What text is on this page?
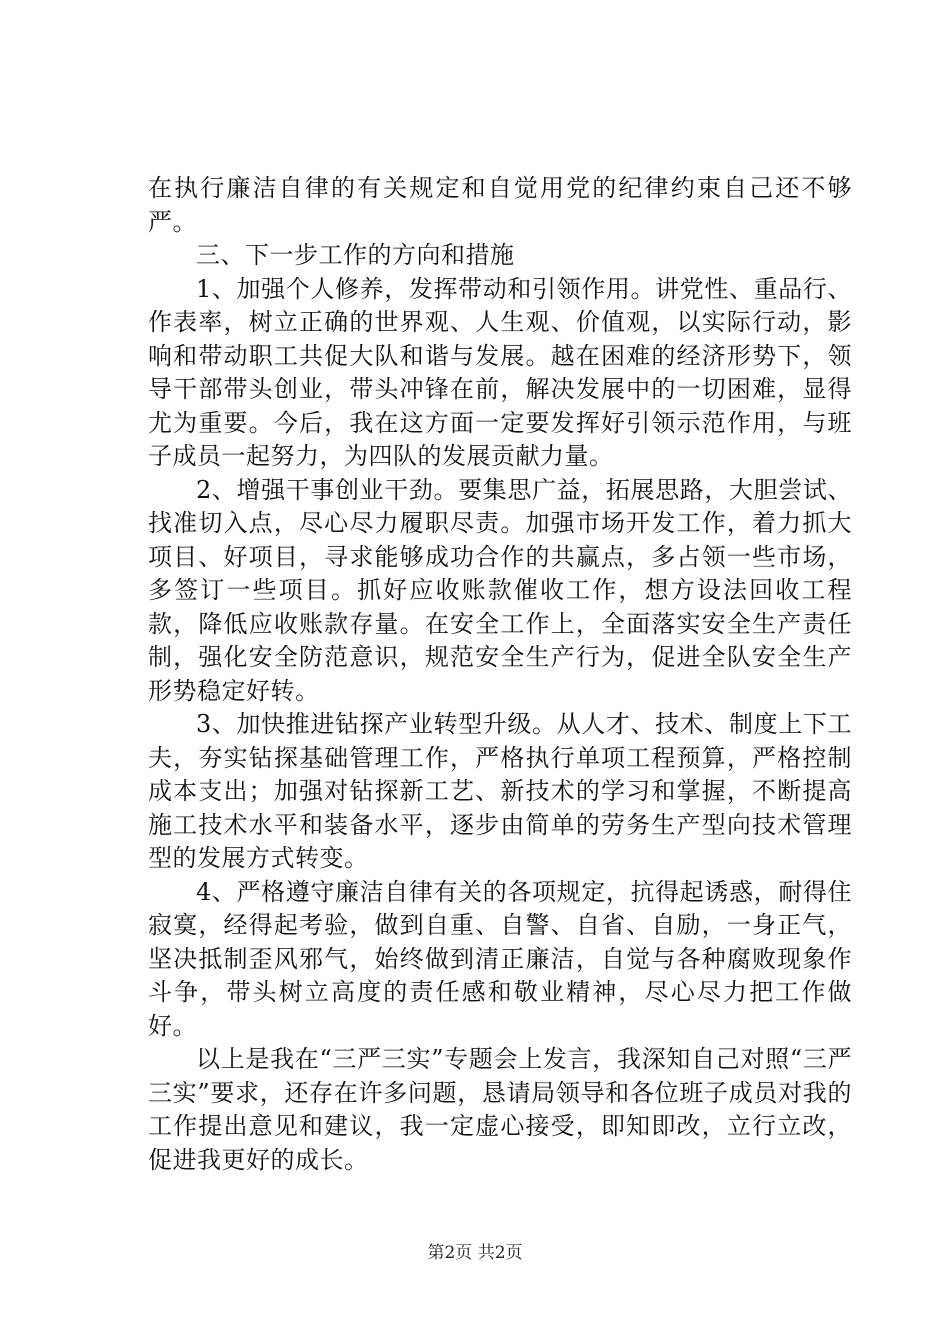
在执行廉洁自律的有关规定和自觉用党的纪律约束自己还不够严。

三、下一步工作的方向和措施

1、加强个人修养，发挥带动和引领作用。讲党性、重品行、作表率，树立正确的世界观、人生观、价值观，以实际行动，影响和带动职工共促大队和谐与发展。越在困难的经济形势下，领导干部带头创业，带头冲锋在前，解决发展中的一切困难，显得尤为重要。今后，我在这方面一定要发挥好引领示范作用，与班子成员一起努力，为四队的发展贡献力量。

2、增强干事创业干劲。要集思广益，拓展思路，大胆尝试、找准切入点，尽心尽力履职尽责。加强市场开发工作，着力抓大项目、好项目，寻求能够成功合作的共赢点，多占领一些市场，多签订一些项目。抓好应收账款催收工作，想方设法回收工程款，降低应收账款存量。在安全工作上，全面落实安全生产责任制，强化安全防范意识，规范安全生产行为，促进全队安全生产形势稳定好转。

3、加快推进钻探产业转型升级。从人才、技术、制度上下工夫，夯实钻探基础管理工作，严格执行单项工程预算，严格控制成本支出；加强对钻探新工艺、新技术的学习和掌握，不断提高施工技术水平和装备水平，逐步由简单的劳务生产型向技术管理型的发展方式转变。

4、严格遵守廉洁自律有关的各项规定，抗得起诱惑，耐得住寂寞，经得起考验，做到自重、自警、自省、自励，一身正气，坚决抵制歪风邪气，始终做到清正廉洁，自觉与各种腐败现象作斗争，带头树立高度的责任感和敬业精神，尽心尽力把工作做好。

以上是我在“三严三实”专题会上发言，我深知自己对照“三严三实”要求，还存在许多问题，恳请局领导和各位班子成员对我的工作提出意见和建议，我一定虚心接受，即知即改，立行立改，促进我更好的成长。

第2页 共2页
